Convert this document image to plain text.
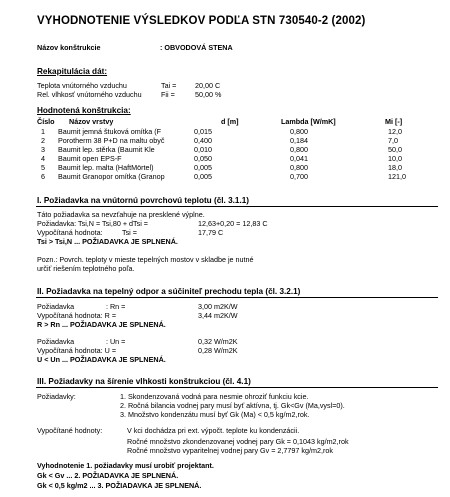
VYHODNOTENIE VÝSLEDKOV PODĽA STN 730540-2 (2002)
Názov konštrukcie	: OBVODOVÁ STENA
Rekapitulácia dát:
Teplota vnútorného vzduchu	Tai =	20,00 C
Rel. vlhkosť vnútorného vzduchu	Fii =	50,00 %
Hodnotená konštrukcia:
Číslo Názov vrstvy	d [m]	Lambda [W/mK]	Mi [-]
1 Baumit jemná štuková omítka (F	0,015	0,800	12,0
2 Porotherm 38 P+D na maltu obyč	0,400	0,184	7,0
3 Baumit lep. stěrka (Baumit Kle	0,010	0,800	50,0
4 Baumit open EPS-F	0,050	0,041	10,0
5 Baumit lep. malta (HaftMörtel)	0,005	0,800	18,0
6 Baumit Granopor omítka (Granop	0,005	0,700	121,0
I. Požiadavka na vnútornú povrchovú teplotu (čl. 3.1.1)
Táto požiadavka sa nevzťahuje na presklené výplne.
Požiadavka: Tsi,N = Tsi,80 + dTsi =	12,63+0,20 = 12,83 C
Vypočítaná hodnota:	Tsi =	17,79 C
Tsi > Tsi,N ... POŽIADAVKA JE SPLNENÁ.
Pozn.: Povrch. teploty v mieste tepelných mostov v skladbe je nutné
určiť riešením teplotného poľa.
II. Požiadavka na tepelný odpor a súčiniteľ prechodu tepla (čl. 3.2.1)
Požiadavka	: Rn =	3,00 m2K/W
Vypočítaná hodnota: R =	3,44 m2K/W
R > Rn ... POŽIADAVKA JE SPLNENÁ.
Požiadavka	: Un =	0,32 W/m2K
Vypočítaná hodnota: U =	0,28 W/m2K
U < Un ... POŽIADAVKA JE SPLNENÁ.
III. Požiadavky na šírenie vlhkosti konštrukciou (čl. 4.1)
Požiadavky:	1. Skondenzovaná vodná para nesmie ohroziť funkciu kcie.
2. Ročná bilancia vodnej pary musí byť aktívna, tj. Gk<Gv (Ma,vysl=0).
3. Množstvo kondenzátu musí byť Gk (Ma) < 0,5 kg/m2,rok.
Vypočítané hodnoty:	V kci dochádza pri ext. výpočt. teplote ku kondenzácii.
Ročné množstvo zkondenzovanej vodnej pary Gk = 0,1043 kg/m2,rok
Ročné množstvo vyparitelnej vodnej pary Gv = 2,7797 kg/m2,rok
Vyhodnotenie 1. požiadavky musí urobiť projektant.
Gk < Gv ... 2. POŽIADAVKA JE SPLNENÁ.
Gk < 0,5 kg/m2 ... 3. POŽIADAVKA JE SPLNENÁ.
